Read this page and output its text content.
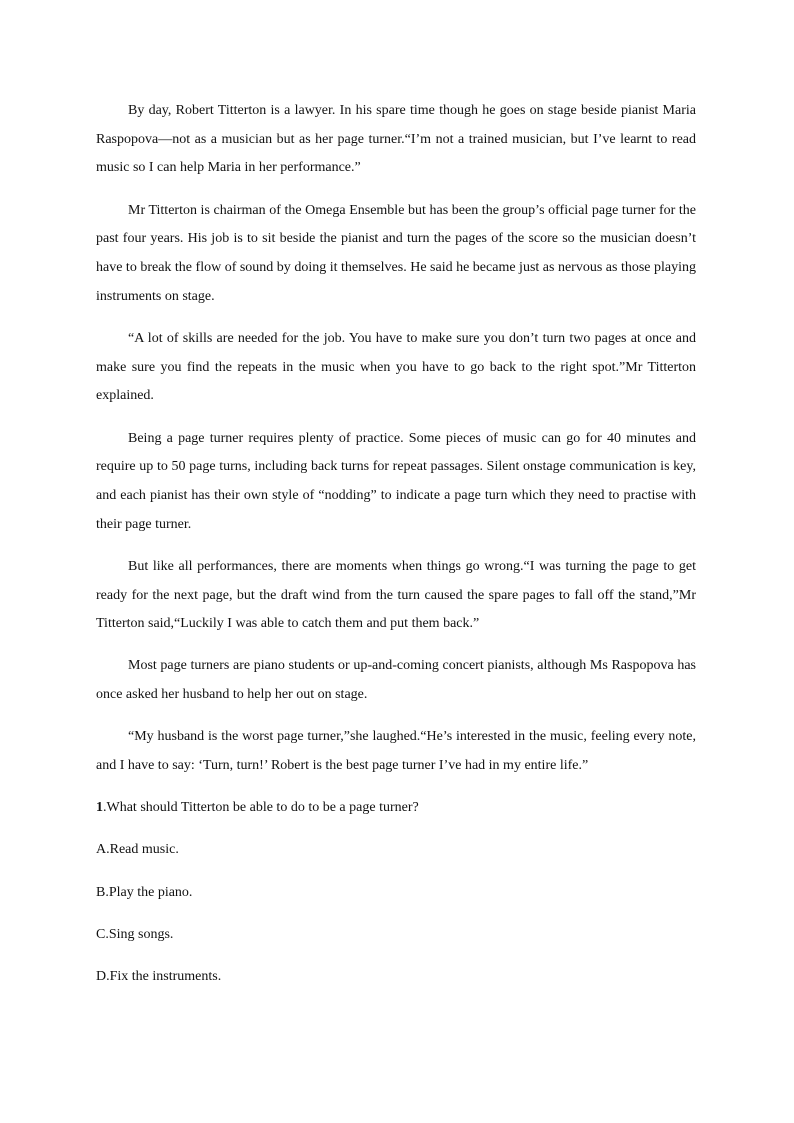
By day, Robert Titterton is a lawyer. In his spare time though he goes on stage beside pianist Maria Raspopova—not as a musician but as her page turner.“I’m not a trained musician, but I’ve learnt to read music so I can help Maria in her performance.”

Mr Titterton is chairman of the Omega Ensemble but has been the group’s official page turner for the past four years. His job is to sit beside the pianist and turn the pages of the score so the musician doesn’t have to break the flow of sound by doing it themselves. He said he became just as nervous as those playing instruments on stage.

“A lot of skills are needed for the job. You have to make sure you don’t turn two pages at once and make sure you find the repeats in the music when you have to go back to the right spot.”Mr Titterton explained.

Being a page turner requires plenty of practice. Some pieces of music can go for 40 minutes and require up to 50 page turns, including back turns for repeat passages. Silent onstage communication is key, and each pianist has their own style of “nodding” to indicate a page turn which they need to practise with their page turner.

But like all performances, there are moments when things go wrong.“I was turning the page to get ready for the next page, but the draft wind from the turn caused the spare pages to fall off the stand,”Mr Titterton said,“Luckily I was able to catch them and put them back.”

Most page turners are piano students or up-and-coming concert pianists, although Ms Raspopova has once asked her husband to help her out on stage.

“My husband is the worst page turner,”she laughed.“He’s interested in the music, feeling every note, and I have to say: ‘Turn, turn!’ Robert is the best page turner I’ve had in my entire life.”

1.What should Titterton be able to do to be a page turner?

A.Read music.

B.Play the piano.

C.Sing songs.

D.Fix the instruments.
